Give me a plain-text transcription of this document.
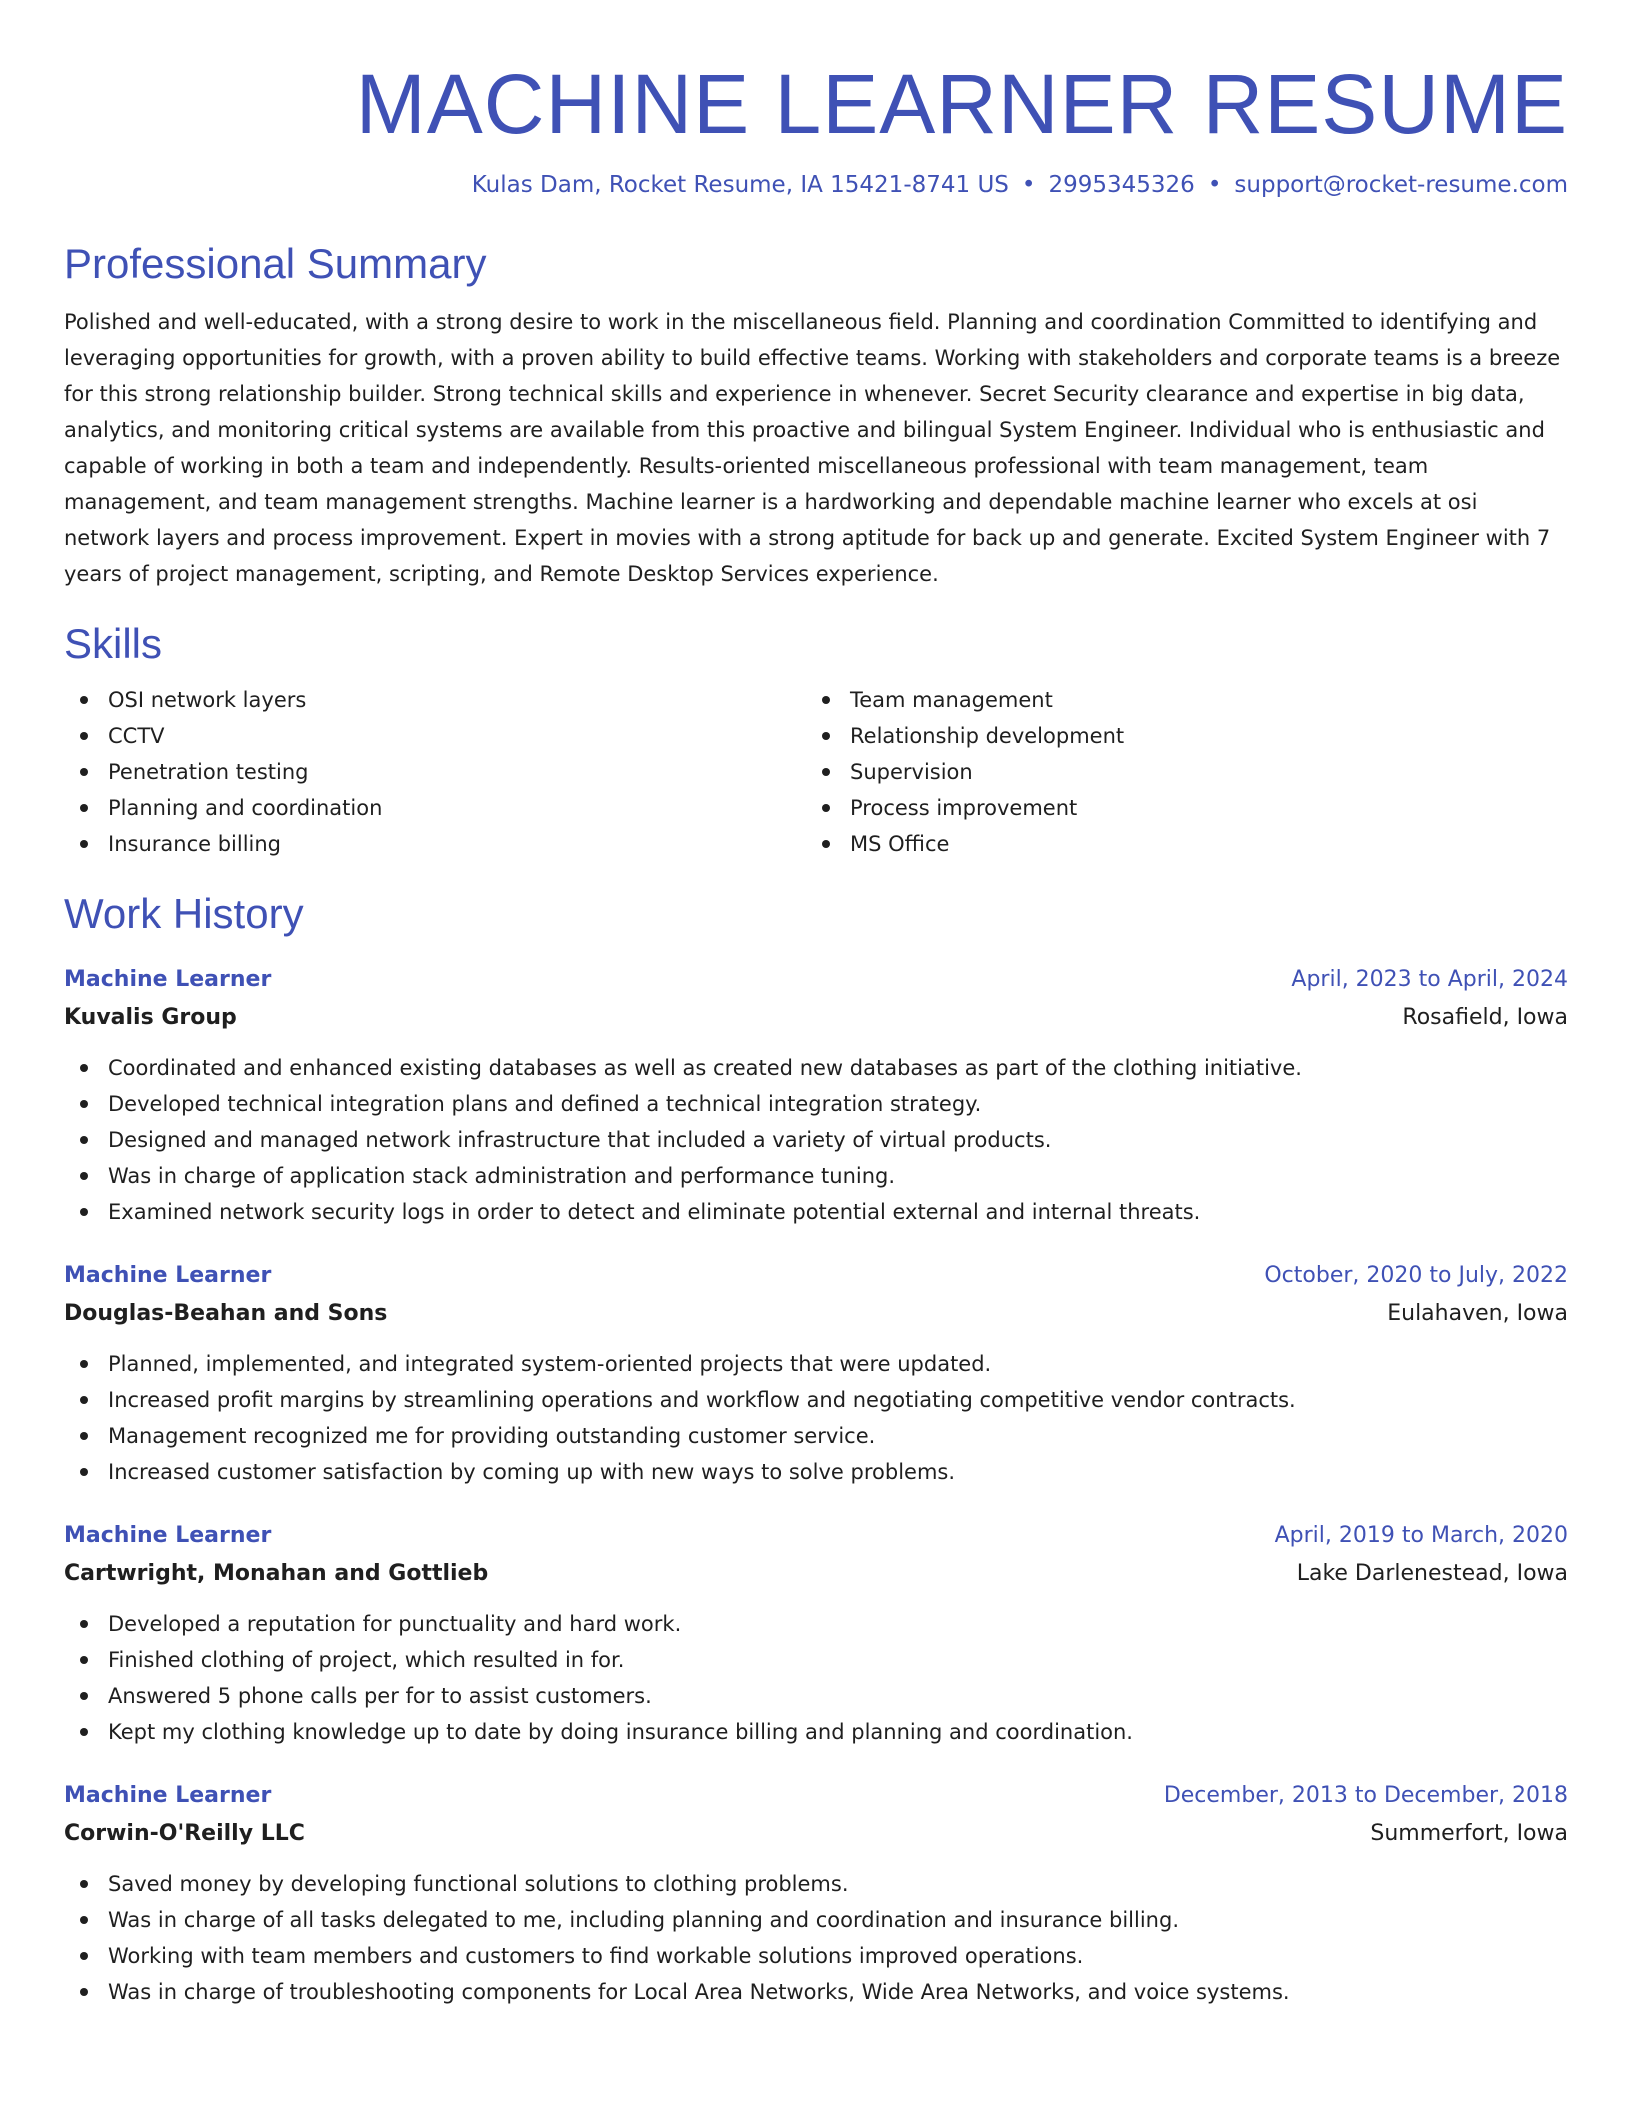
MACHINE LEARNER RESUME
Kulas Dam, Rocket Resume, IA 15421-8741 US • 2995345326 • support@rocket-resume.com
Professional Summary

Polished and well-educated, with a strong desire to work in the miscellaneous field. Planning and coordination Committed to identifying and leveraging opportunities for growth, with a proven ability to build effective teams. Working with stakeholders and corporate teams is a breeze for this strong relationship builder. Strong technical skills and experience in whenever. Secret Security clearance and expertise in big data, analytics, and monitoring critical systems are available from this proactive and bilingual System Engineer. Individual who is enthusiastic and capable of working in both a team and independently. Results-oriented miscellaneous professional with team management, team management, and team management strengths. Machine learner is a hardworking and dependable machine learner who excels at osi network layers and process improvement. Expert in movies with a strong aptitude for back up and generate. Excited System Engineer with 7 years of project management, scripting, and Remote Desktop Services experience.

Skills
OSI network layers
CCTV
Penetration testing
Planning and coordination
Insurance billing
Team management
Relationship development
Supervision
Process improvement
MS Office
Work History
Machine Learner	April, 2023 to April, 2024
Kuvalis Group	Rosafield, Iowa
Coordinated and enhanced existing databases as well as created new databases as part of the clothing initiative.
Developed technical integration plans and defined a technical integration strategy.
Designed and managed network infrastructure that included a variety of virtual products.
Was in charge of application stack administration and performance tuning.
Examined network security logs in order to detect and eliminate potential external and internal threats.
Machine Learner	October, 2020 to July, 2022
Douglas-Beahan and Sons	Eulahaven, Iowa
Planned, implemented, and integrated system-oriented projects that were updated.
Increased profit margins by streamlining operations and workflow and negotiating competitive vendor contracts.
Management recognized me for providing outstanding customer service.
Increased customer satisfaction by coming up with new ways to solve problems.
Machine Learner	April, 2019 to March, 2020
Cartwright, Monahan and Gottlieb	Lake Darlenestead, Iowa
Developed a reputation for punctuality and hard work.
Finished clothing of project, which resulted in for.
Answered 5 phone calls per for to assist customers.
Kept my clothing knowledge up to date by doing insurance billing and planning and coordination.
Machine Learner	December, 2013 to December, 2018
Corwin-O'Reilly LLC	Summerfort, Iowa
Saved money by developing functional solutions to clothing problems.
Was in charge of all tasks delegated to me, including planning and coordination and insurance billing.
Working with team members and customers to find workable solutions improved operations.
Was in charge of troubleshooting components for Local Area Networks, Wide Area Networks, and voice systems.
